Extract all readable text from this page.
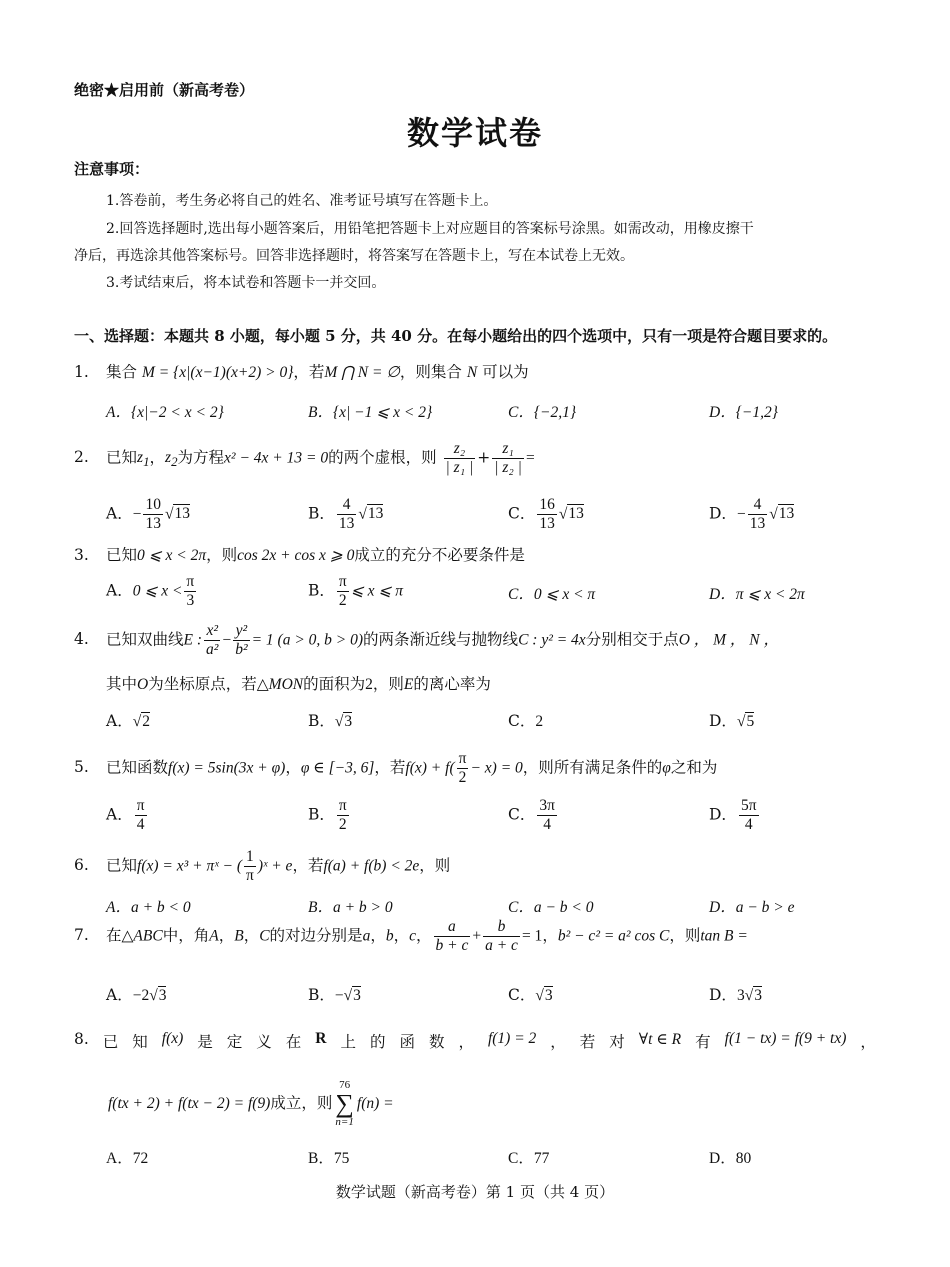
绝密★启用前（新高考卷）
数学试卷
注意事项：
1.答卷前，考生务必将自己的姓名、准考证号填写在答题卡上。
2.回答选择题时,选出每小题答案后，用铅笔把答题卡上对应题目的答案标号涂黑。如需改动，用橡皮擦干
净后，再选涂其他答案标号。回答非选择题时，将答案写在答题卡上，写在本试卷上无效。
3.考试结束后，将本试卷和答题卡一并交回。
一、选择题：本题共 8 小题，每小题 5 分，共 40 分。在每小题给出的四个选项中，只有一项是符合题目要求的。
1. 集合 M = {x|(x−1)(x+2) > 0}，若M ⋂ N = ∅，则集合 N 可以为
A．{x|−2 < x < 2}	B．{x| −1 ⩽ x < 2}	C．{−2,1}	D．{−1,2}
2. 已知$z_1$，$z_2$为方程x² − 4x + 13 = 0的两个虚根，则 $\frac{\text{z₂}}{\text{| z₁ |}} + \frac{\text{z₁}}{\text{| z₂ |}}$ =
A．− $\frac{10}{13} √13$	B． $\frac{4}{13} √13$	C． $\frac{16}{13} √13$	D．− $\frac{4}{13} √13$
3. 已知0 ⩽ x < 2π，则cos 2x + cos x ⩾ 0成立的充分不必要条件是
A．0 ⩽ $x < \frac{\pi}{3}$	B． $\frac{\pi}{2}$ ⩽ x ⩽ π	C．0 ⩽ x < π	D．π ⩽ x < 2π
4. 已知双曲线E : $\frac{\text{x²}}{\text{a²}} - \frac{\text{y²}}{\text{b²}} = 1$ (a > 0, b > 0)的两条渐近线与抛物线C : y² = 4x分别相交于点O ， M ， N ，
其中O为坐标原点，若△MON的面积为2，则E的离心率为
A．√2	B．√3	C．2	D．√5
5. 已知函数f(x) = 5sin(3x + φ)，φ ∈ [−3, 6]，若$f(x) + f( \frac{\pi}{2} - x) = 0$，则所有满足条件的φ之和为
A． $\frac{\pi}{4}$	B． $\frac{\pi}{2}$	C． $\frac{3\pi}{4}$	D． $\frac{5\pi}{4}$
6. 已知f(x) = x³ + πˣ − ( $\frac{1}{\pi}$ )ˣ + e，若f(a) + f(b) < 2e，则
A．a + b < 0	B．a + b > 0	C．a − b < 0	D．a − b > e
7. 在△ABC中，角A，B，C的对边分别是a，b，c， $\frac{a}{b + c} + \frac{b}{a + c} = 1$，b² − c² = a² cos C，则tan B =
A．−2√3	B．−√3	C．√3	D．3√3
8. 已 知 f(x) 是 定 义 在 R 上 的 函 数 ， f(1) = 2 ， 若 对 ∀t ∈ R 有 f(1 − tx) = f(9 + tx) ，
f(tx + 2) + f(tx − 2) = f(9)成立，则76
∑
n=1f(n) =
A．72	B．75	C．77	D．80
数学试题（新高考卷）第 1 页（共 4 页）
